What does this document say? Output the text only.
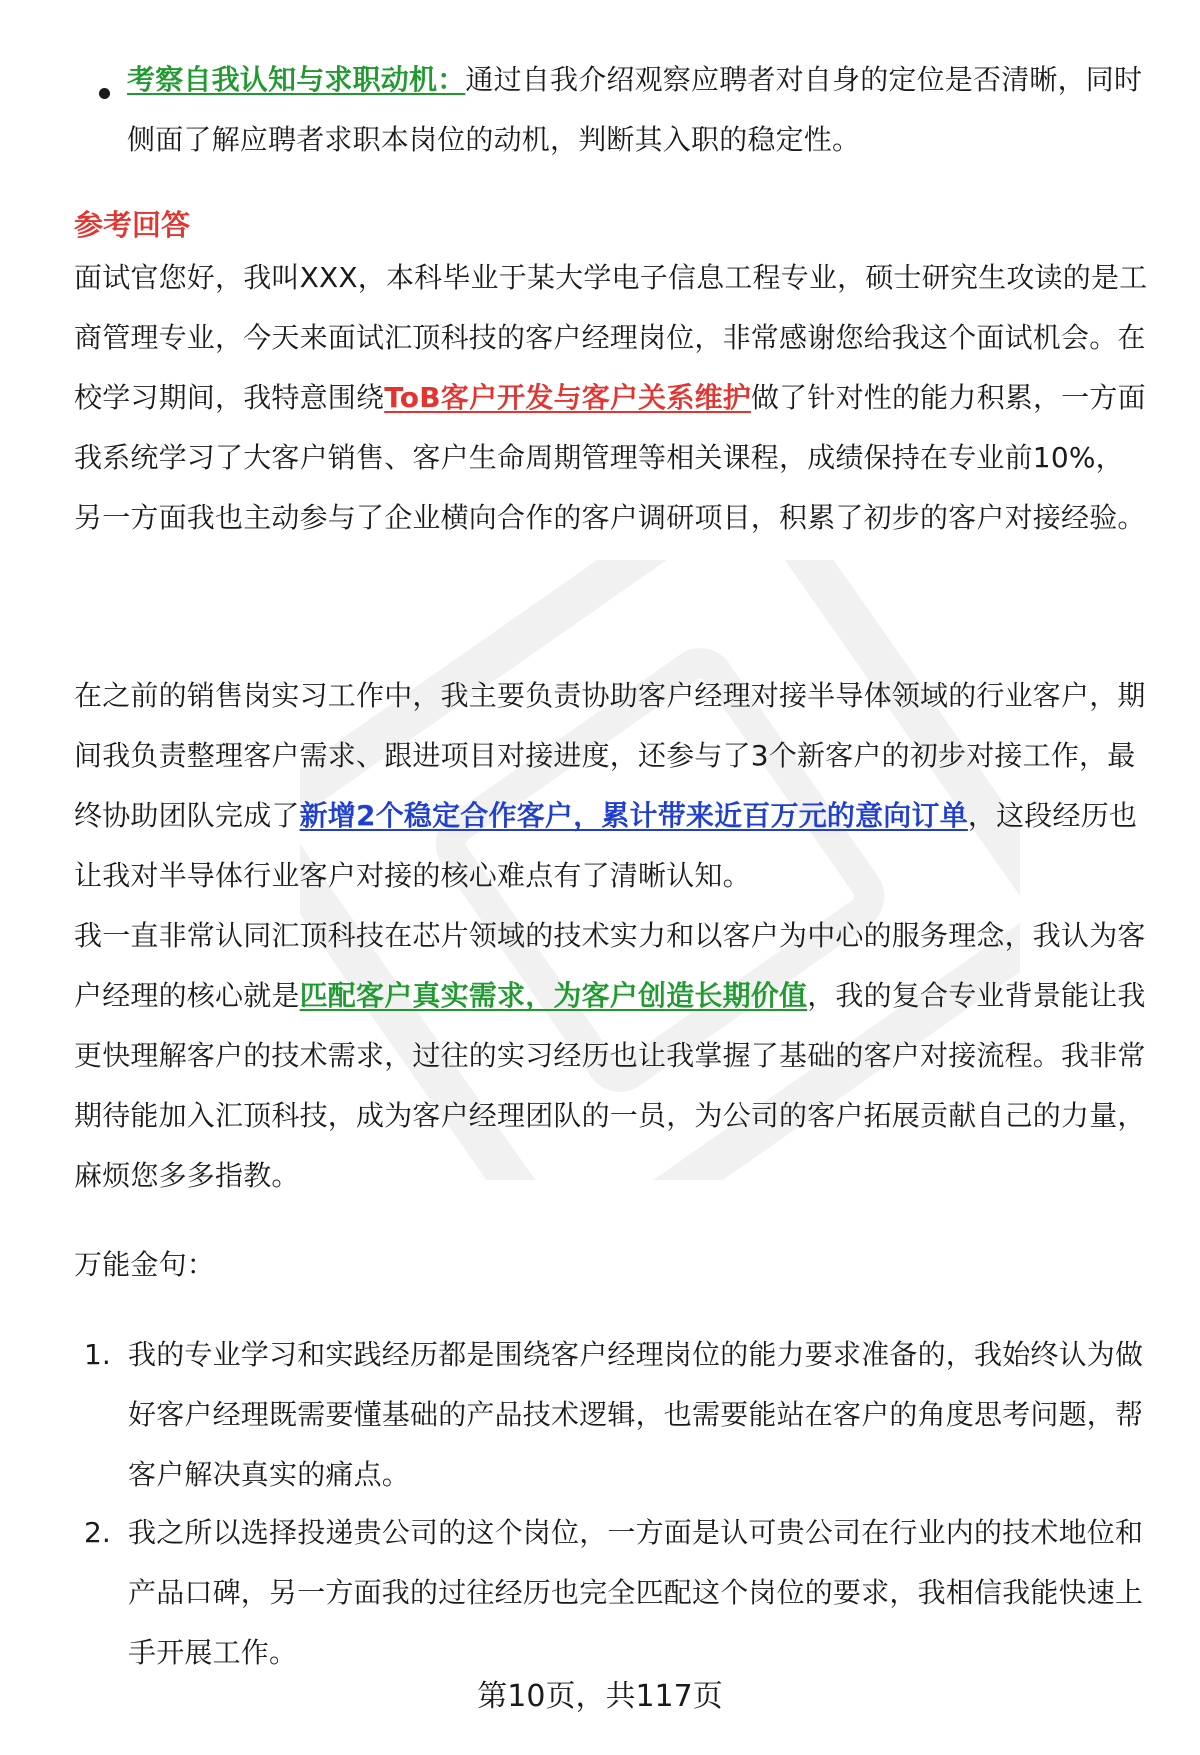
考察自我认知与求职动机：通过自我介绍观察应聘者对自身的定位是否清晰，同时侧面了解应聘者求职本岗位的动机，判断其入职的稳定性。

参考回答

面试官您好，我叫XXX，本科毕业于某大学电子信息工程专业，硕士研究生攻读的是工商管理专业，今天来面试汇顶科技的客户经理岗位，非常感谢您给我这个面试机会。在校学习期间，我特意围绕ToB客户开发与客户关系维护做了针对性的能力积累，一方面我系统学习了大客户销售、客户生命周期管理等相关课程，成绩保持在专业前10%，另一方面我也主动参与了企业横向合作的客户调研项目，积累了初步的客户对接经验。

在之前的销售岗实习工作中，我主要负责协助客户经理对接半导体领域的行业客户，期间我负责整理客户需求、跟进项目对接进度，还参与了3个新客户的初步对接工作，最终协助团队完成了新增2个稳定合作客户，累计带来近百万元的意向订单，这段经历也让我对半导体行业客户对接的核心难点有了清晰认知。

我一直非常认同汇顶科技在芯片领域的技术实力和以客户为中心的服务理念，我认为客户经理的核心就是匹配客户真实需求，为客户创造长期价值，我的复合专业背景能让我更快理解客户的技术需求，过往的实习经历也让我掌握了基础的客户对接流程。我非常期待能加入汇顶科技，成为客户经理团队的一员，为公司的客户拓展贡献自己的力量，麻烦您多多指教。

万能金句：

1. 我的专业学习和实践经历都是围绕客户经理岗位的能力要求准备的，我始终认为做好客户经理既需要懂基础的产品技术逻辑，也需要能站在客户的角度思考问题，帮客户解决真实的痛点。

2. 我之所以选择投递贵公司的这个岗位，一方面是认可贵公司在行业内的技术地位和产品口碑，另一方面我的过往经历也完全匹配这个岗位的要求，我相信我能快速上手开展工作。

第10页，共117页
